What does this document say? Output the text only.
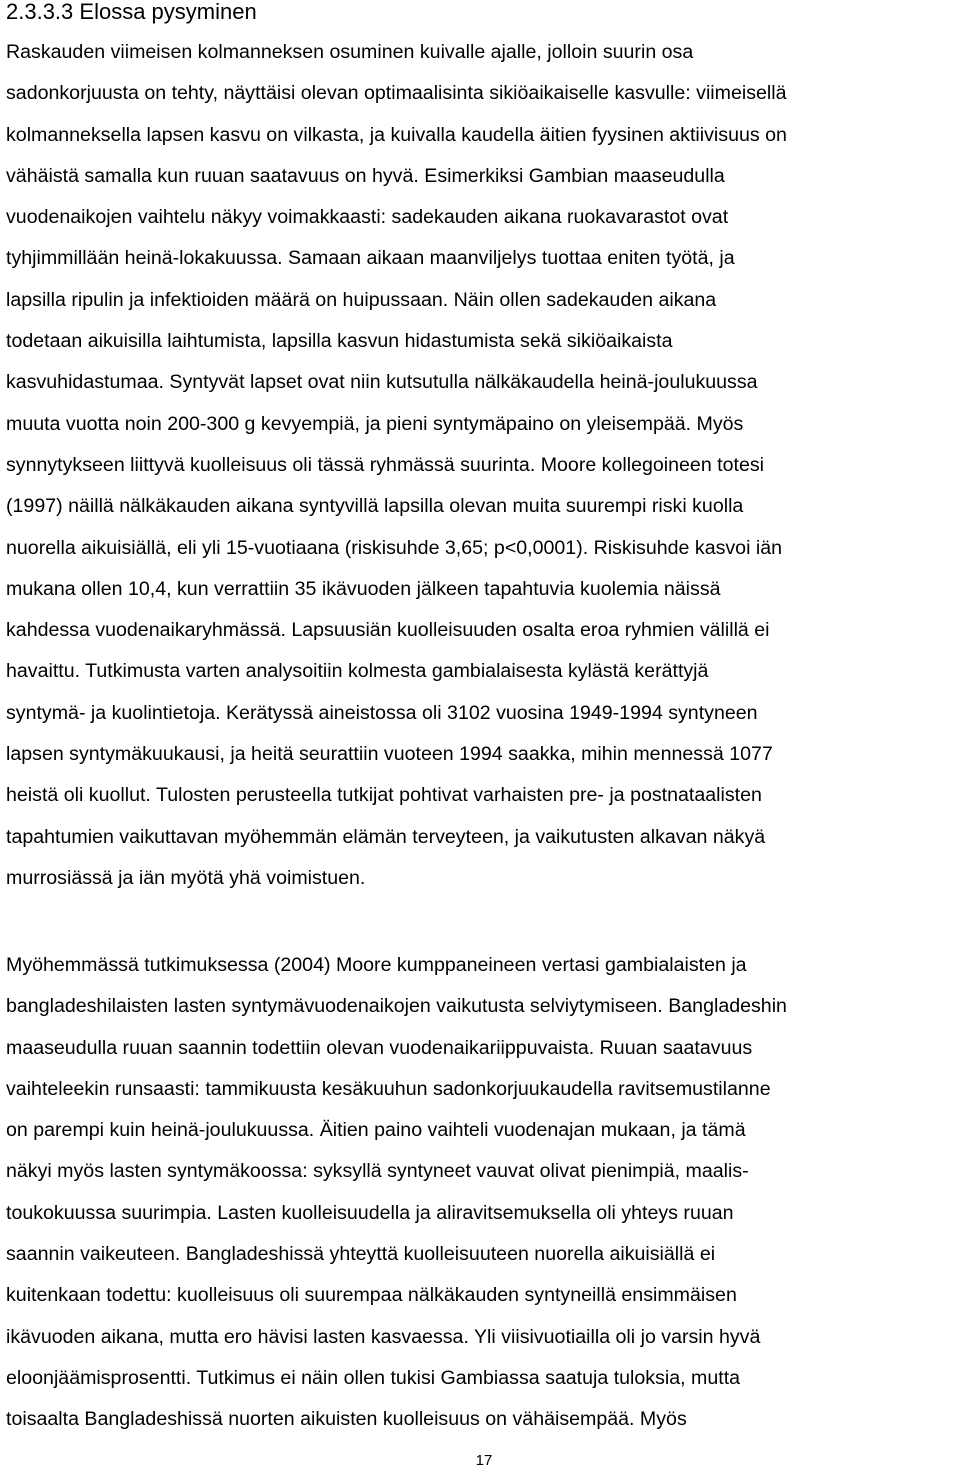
2.3.3.3 Elossa pysyminen
Raskauden viimeisen kolmanneksen osuminen kuivalle ajalle, jolloin suurin osa
sadonkorjuusta on tehty, näyttäisi olevan optimaalisinta sikiöaikaiselle kasvulle: viimeisellä
kolmanneksella lapsen kasvu on vilkasta, ja kuivalla kaudella äitien fyysinen aktiivisuus on
vähäistä samalla kun ruuan saatavuus on hyvä. Esimerkiksi Gambian maaseudulla
vuodenaikojen vaihtelu näkyy voimakkaasti: sadekauden aikana ruokavarastot ovat
tyhjimmillään heinä-lokakuussa. Samaan aikaan maanviljelys tuottaa eniten työtä, ja
lapsilla ripulin ja infektioiden määrä on huipussaan. Näin ollen sadekauden aikana
todetaan aikuisilla laihtumista, lapsilla kasvun hidastumista sekä sikiöaikaista
kasvuhidastumaa. Syntyvät lapset ovat niin kutsutulla nälkäkaudella heinä-joulukuussa
muuta vuotta noin 200-300 g kevyempiä, ja pieni syntymäpaino on yleisempää. Myös
synnytykseen liittyvä kuolleisuus oli tässä ryhmässä suurinta. Moore kollegoineen totesi
(1997) näillä nälkäkauden aikana syntyvillä lapsilla olevan muita suurempi riski kuolla
nuorella aikuisiällä, eli yli 15-vuotiaana (riskisuhde 3,65; p<0,0001). Riskisuhde kasvoi iän
mukana ollen 10,4, kun verrattiin 35 ikävuoden jälkeen tapahtuvia kuolemia näissä
kahdessa vuodenaikaryhmässä. Lapsuusiän kuolleisuuden osalta eroa ryhmien välillä ei
havaittu. Tutkimusta varten analysoitiin kolmesta gambialaisesta kylästä kerättyjä
syntymä- ja kuolintietoja. Kerätyssä aineistossa oli 3102 vuosina 1949-1994 syntyneen
lapsen syntymäkuukausi, ja heitä seurattiin vuoteen 1994 saakka, mihin mennessä 1077
heistä oli kuollut. Tulosten perusteella tutkijat pohtivat varhaisten pre- ja postnataalisten
tapahtumien vaikuttavan myöhemmän elämän terveyteen, ja vaikutusten alkavan näkyä
murrosiässä ja iän myötä yhä voimistuen.
Myöhemmässä tutkimuksessa (2004) Moore kumppaneineen vertasi gambialaisten ja
bangladeshilaisten lasten syntymävuodenaikojen vaikutusta selviytymiseen. Bangladeshin
maaseudulla ruuan saannin todettiin olevan vuodenaikariippuvaista. Ruuan saatavuus
vaihteleekin runsaasti: tammikuusta kesäkuuhun sadonkorjuukaudella ravitsemustilanne
on parempi kuin heinä-joulukuussa. Äitien paino vaihteli vuodenajan mukaan, ja tämä
näkyi myös lasten syntymäkoossa: syksyllä syntyneet vauvat olivat pienimpiä, maalis-
toukokuussa suurimpia. Lasten kuolleisuudella ja aliravitsemuksella oli yhteys ruuan
saannin vaikeuteen. Bangladeshissä yhteyttä kuolleisuuteen nuorella aikuisiällä ei
kuitenkaan todettu: kuolleisuus oli suurempaa nälkäkauden syntyneillä ensimmäisen
ikävuoden aikana, mutta ero hävisi lasten kasvaessa. Yli viisivuotiailla oli jo varsin hyvä
eloonjäämisprosentti. Tutkimus ei näin ollen tukisi Gambiassa saatuja tuloksia, mutta
toisaalta Bangladeshissä nuorten aikuisten kuolleisuus on vähäisempää. Myös
17
